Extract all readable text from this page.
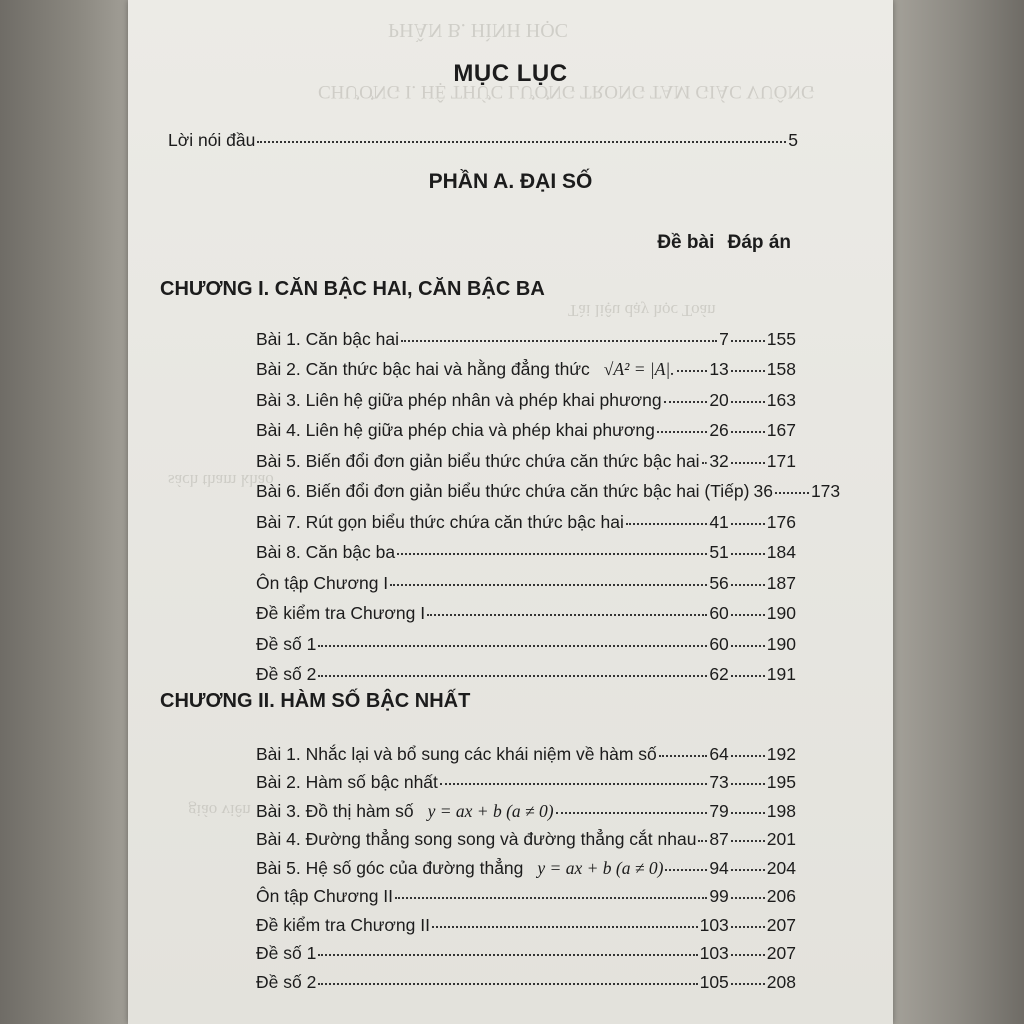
PHẦN B. HÌNH HỌC
CHƯƠNG I. HỆ THỨC LƯỢNG TRONG TAM GIÁC VUÔNG
Tài liệu dạy học Toán
sách tham khảo
giáo viên
MỤC LỤC
Lời nói đầu	5
PHẦN A. ĐẠI SỐ
Đề bài Đáp án
CHƯƠNG I. CĂN BẬC HAI, CĂN BẬC BA
Bài 1. Căn bậc hai	7 155
Bài 2. Căn thức bậc hai và hằng đẳng thức √A² = |A|. 13 158
Bài 3. Liên hệ giữa phép nhân và phép khai phương	20 163
Bài 4. Liên hệ giữa phép chia và phép khai phương	26 167
Bài 5. Biến đổi đơn giản biểu thức chứa căn thức bậc hai 32 171
Bài 6. Biến đổi đơn giản biểu thức chứa căn thức bậc hai (Tiếp) 36 173
Bài 7. Rút gọn biểu thức chứa căn thức bậc hai	41 176
Bài 8. Căn bậc ba	51 184
Ôn tập Chương I	56 187
Đề kiểm tra Chương I	60 190
Đề số 1	60 190
Đề số 2	62 191
CHƯƠNG II. HÀM SỐ BẬC NHẤT
Bài 1. Nhắc lại và bổ sung các khái niệm về hàm số	64 192
Bài 2. Hàm số bậc nhất	73 195
Bài 3. Đồ thị hàm số y = ax + b (a ≠ 0)	79 198
Bài 4. Đường thẳng song song và đường thẳng cắt nhau 87 201
Bài 5. Hệ số góc của đường thẳng y = ax + b (a ≠ 0)	94 204
Ôn tập Chương II	99 206
Đề kiểm tra Chương II	103 207
Đề số 1	103 207
Đề số 2	105 208
